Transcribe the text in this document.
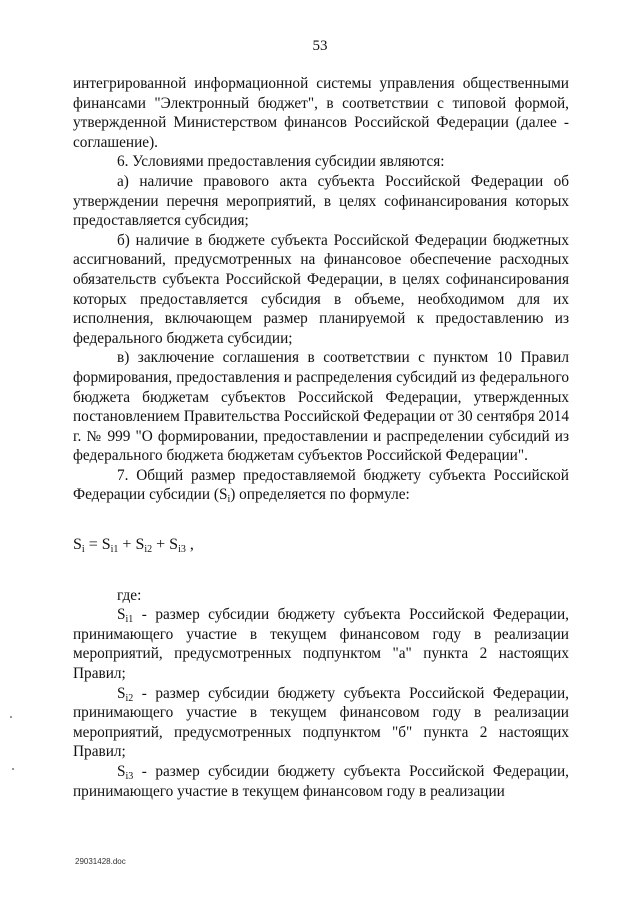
53

интегрированной информационной системы управления общественными финансами "Электронный бюджет", в соответствии с типовой формой, утвержденной Министерством финансов Российской Федерации (далее - соглашение).

6. Условиями предоставления субсидии являются:

а) наличие правового акта субъекта Российской Федерации об утверждении перечня мероприятий, в целях софинансирования которых предоставляется субсидия;

б) наличие в бюджете субъекта Российской Федерации бюджетных ассигнований, предусмотренных на финансовое обеспечение расходных обязательств субъекта Российской Федерации, в целях софинансирования которых предоставляется субсидия в объеме, необходимом для их исполнения, включающем размер планируемой к предоставлению из федерального бюджета субсидии;

в) заключение соглашения в соответствии с пунктом 10 Правил формирования, предоставления и распределения субсидий из федерального бюджета бюджетам субъектов Российской Федерации, утвержденных постановлением Правительства Российской Федерации от 30 сентября 2014 г. № 999 "О формировании, предоставлении и распределении субсидий из федерального бюджета бюджетам субъектов Российской Федерации".

7. Общий размер предоставляемой бюджету субъекта Российской Федерации субсидии $(S_i)$ определяется по формуле:

$S_i = S_{i1} + S_{i2} + S_{i3}$ ,

где:

$S_{i1}$ - размер субсидии бюджету субъекта Российской Федерации, принимающего участие в текущем финансовом году в реализации мероприятий, предусмотренных подпунктом "а" пункта 2 настоящих Правил;

$S_{i2}$ - размер субсидии бюджету субъекта Российской Федерации, принимающего участие в текущем финансовом году в реализации мероприятий, предусмотренных подпунктом "б" пункта 2 настоящих Правил;

$S_{i3}$ - размер субсидии бюджету субъекта Российской Федерации, принимающего участие в текущем финансовом году в реализации

29031428.doc
